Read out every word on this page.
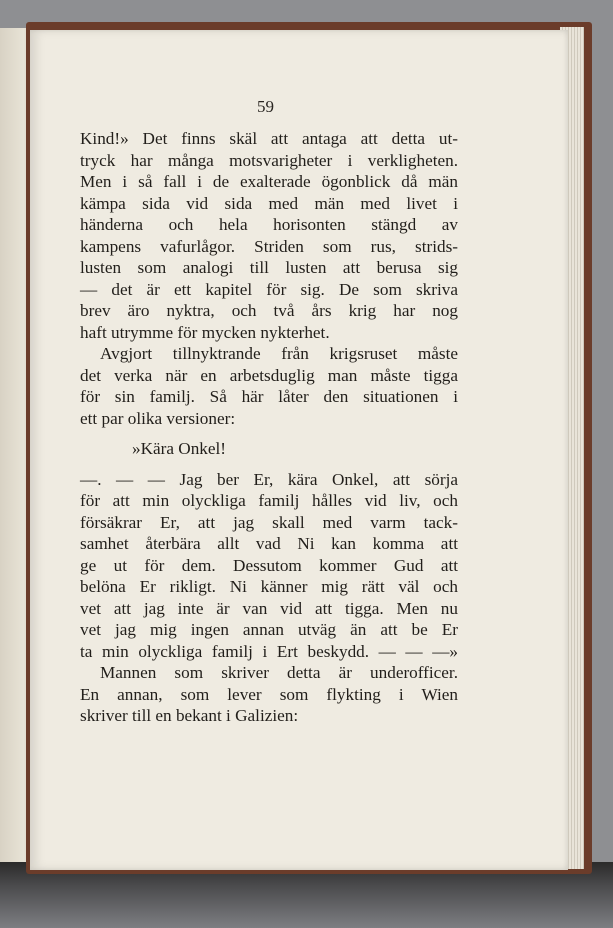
59
Kind!» Det finns skäl att antaga att detta ut-
tryck har många motsvarigheter i verkligheten.
Men i så fall i de exalterade ögonblick då män
kämpa sida vid sida med män med livet i
händerna och hela horisonten stängd av
kampens vafurlågor. Striden som rus, strids-
lusten som analogi till lusten att berusa sig
— det är ett kapitel för sig. De som skriva
brev äro nyktra, och två års krig har nog
haft utrymme för mycken nykterhet.
Avgjort tillnyktrande från krigsruset måste
det verka när en arbetsduglig man måste tigga
för sin familj. Så här låter den situationen i
ett par olika versioner:
»Kära Onkel!
—. — — Jag ber Er, kära Onkel, att sörja
för att min olyckliga familj hålles vid liv, och
försäkrar Er, att jag skall med varm tack-
samhet återbära allt vad Ni kan komma att
ge ut för dem. Dessutom kommer Gud att
belöna Er rikligt. Ni känner mig rätt väl och
vet att jag inte är van vid att tigga. Men nu
vet jag mig ingen annan utväg än att be Er
ta min olyckliga familj i Ert beskydd. — — —»
Mannen som skriver detta är underofficer.
En annan, som lever som flykting i Wien
skriver till en bekant i Galizien:
